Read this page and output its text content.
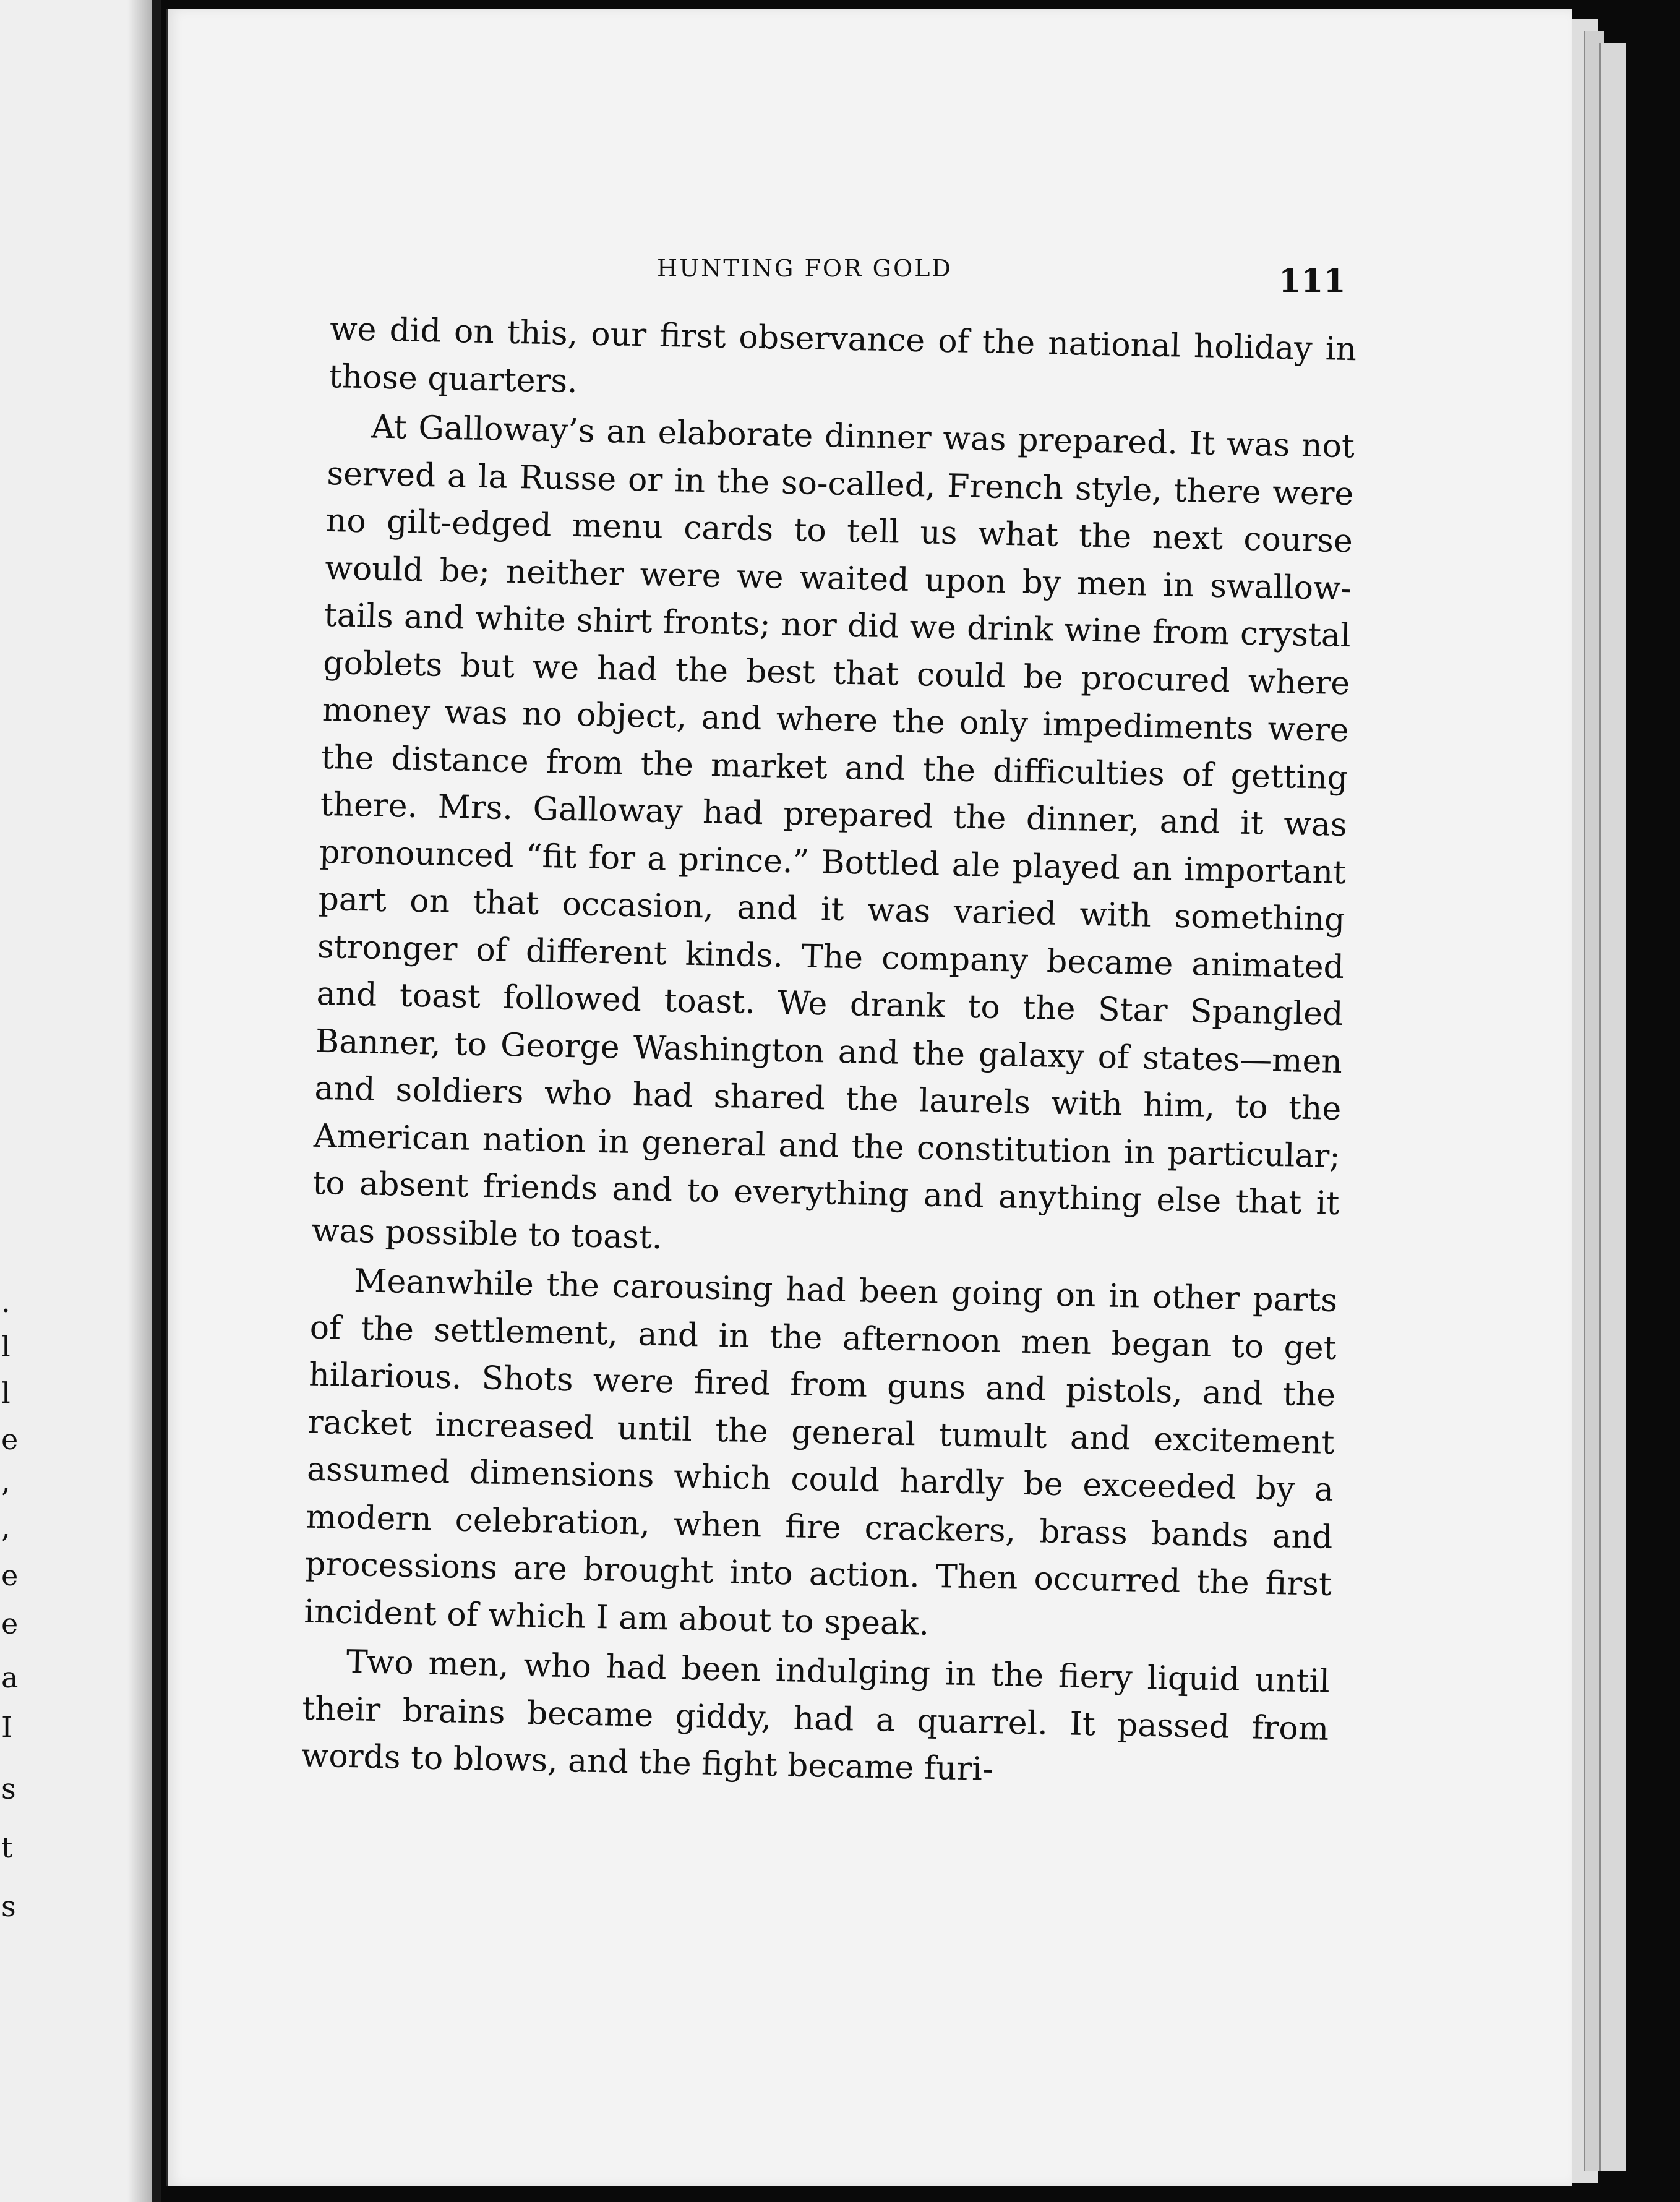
.
l
l
e
,
,
e
e
a
I
s
t
s
HUNTING FOR GOLD	111

we did on this, our first observance of the national holiday in those quarters.

At Galloway’s an elaborate dinner was prepared. It was not served a la Russe or in the so-called, French style, there were no gilt-edged menu cards to tell us what the next course would be; neither were we waited upon by men in swallow-tails and white shirt fronts; nor did we drink wine from crystal goblets but we had the best that could be procured where money was no object, and where the only impediments were the distance from the market and the difficulties of getting there. Mrs. Galloway had prepared the dinner, and it was pronounced “fit for a prince.” Bottled ale played an important part on that occasion, and it was varied with something stronger of different kinds. The company became animated and toast followed toast. We drank to the Star Spangled Banner, to George Washington and the galaxy of states—men and soldiers who had shared the laurels with him, to the American nation in general and the constitution in particular; to absent friends and to everything and anything else that it was possible to toast.

Meanwhile the carousing had been going on in other parts of the settlement, and in the afternoon men began to get hilarious. Shots were fired from guns and pistols, and the racket increased until the general tumult and excitement assumed dimensions which could hardly be exceeded by a modern celebration, when fire crackers, brass bands and processions are brought into action. Then occurred the first incident of which I am about to speak.

Two men, who had been indulging in the fiery liquid until their brains became giddy, had a quarrel. It passed from words to blows, and the fight became furi-
